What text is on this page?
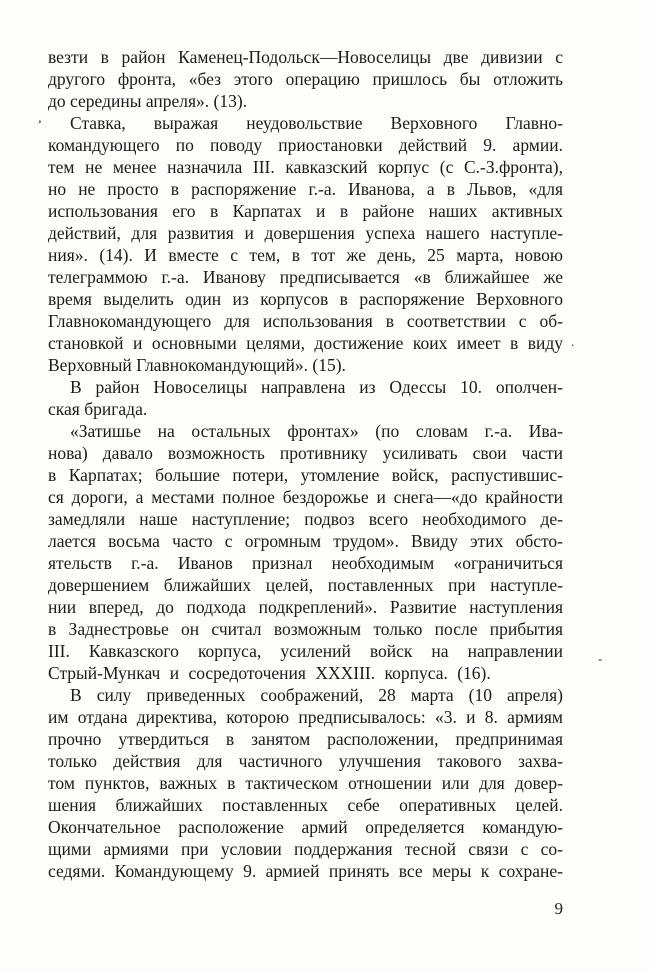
везти в район Каменец-Подольск—Новоселицы две дивизии с
другого фронта, «без этого операцию пришлось бы отложить
до середины апреля». (13).
Ставка, выражая неудовольствие Верховного Главно-
командующего по поводу приостановки действий 9. армии.
тем не менее назначила III. кавказский корпус (с С.-З.фронта),
но не просто в распоряжение г.-а. Иванова, а в Львов, «для
использования его в Карпатах и в районе наших активных
действий, для развития и довершения успеха нашего наступле-
ния». (14). И вместе с тем, в тот же день, 25 марта, новою
телеграммою г.-а. Иванову предписывается «в ближайшее же
время выделить один из корпусов в распоряжение Верховного
Главнокомандующего для использования в соответствии с об-
становкой и основными целями, достижение коих имеет в виду
Верховный Главнокомандующий». (15).
В район Новоселицы направлена из Одессы 10. ополчен-
ская бригада.
«Затишье на остальных фронтах» (по словам г.-а. Ива-
нова) давало возможность противнику усиливать свои части
в Карпатах; большие потери, утомление войск, распустившис-
ся дороги, а местами полное бездорожье и снега—«до крайности
замедляли наше наступление; подвоз всего необходимого де-
лается восьма часто с огромным трудом». Ввиду этих обсто-
ятельств г.-а. Иванов признал необходимым «ограничиться
довершением ближайших целей, поставленных при наступле-
нии вперед, до подхода подкреплений». Развитие наступления
в Заднестровье он считал возможным только после прибытия
III. Кавказского корпуса, усилений войск на направлении
Стрый-Мункач и сосредоточения XXXIII. корпуса. (16).
В силу приведенных соображений, 28 марта (10 апреля)
им отдана директива, которою предписывалось: «3. и 8. армиям
прочно утвердиться в занятом расположении, предпринимая
только действия для частичного улучшения такового захва-
том пунктов, важных в тактическом отношении или для довер-
шения ближайших поставленных себе оперативных целей.
Окончательное расположение армий определяется командую-
щими армиями при условии поддержания тесной связи с со-
седями. Командующему 9. армией принять все меры к сохране-
9
’
.
-
